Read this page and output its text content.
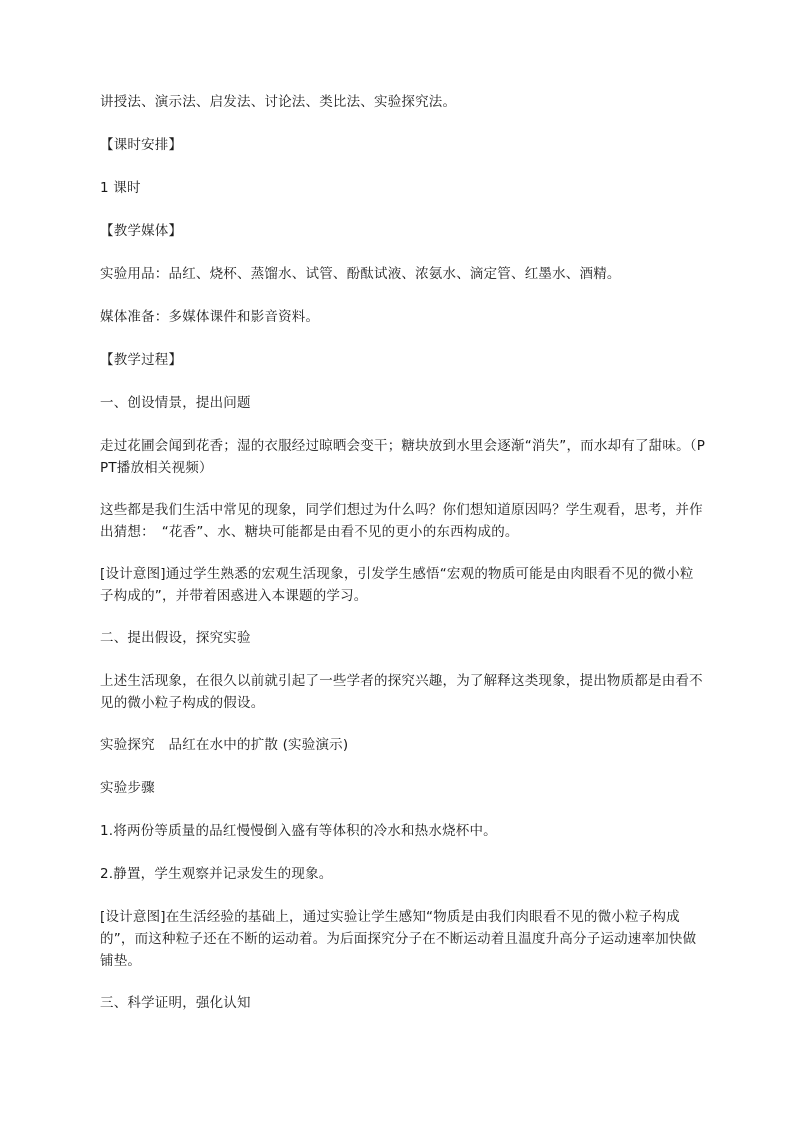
讲授法、演示法、启发法、讨论法、类比法、实验探究法。

【课时安排】

1 课时

【教学媒体】

实验用品：品红、烧杯、蒸馏水、试管、酚酞试液、浓氨水、滴定管、红墨水、酒精。

媒体准备：多媒体课件和影音资料。

【教学过程】

一、创设情景，提出问题

走过花圃会闻到花香；湿的衣服经过晾晒会变干；糖块放到水里会逐渐“消失”，而水却有了甜味。（PPT播放相关视频）

这些都是我们生活中常见的现象，同学们想过为什么吗？你们想知道原因吗？学生观看，思考，并作出猜想：　“花香”、水、糖块可能都是由看不见的更小的东西构成的。

[设计意图]通过学生熟悉的宏观生活现象，引发学生感悟“宏观的物质可能是由肉眼看不见的微小粒子构成的”，并带着困惑进入本课题的学习。

二、提出假设，探究实验

上述生活现象，在很久以前就引起了一些学者的探究兴趣，为了解释这类现象，提出物质都是由看不见的微小粒子构成的假设。

实验探究　品红在水中的扩散 (实验演示)

实验步骤

1.将两份等质量的品红慢慢倒入盛有等体积的冷水和热水烧杯中。

2.静置，学生观察并记录发生的现象。

[设计意图]在生活经验的基础上，通过实验让学生感知“物质是由我们肉眼看不见的微小粒子构成的”，而这种粒子还在不断的运动着。为后面探究分子在不断运动着且温度升高分子运动速率加快做铺垫。

三、科学证明，强化认知
